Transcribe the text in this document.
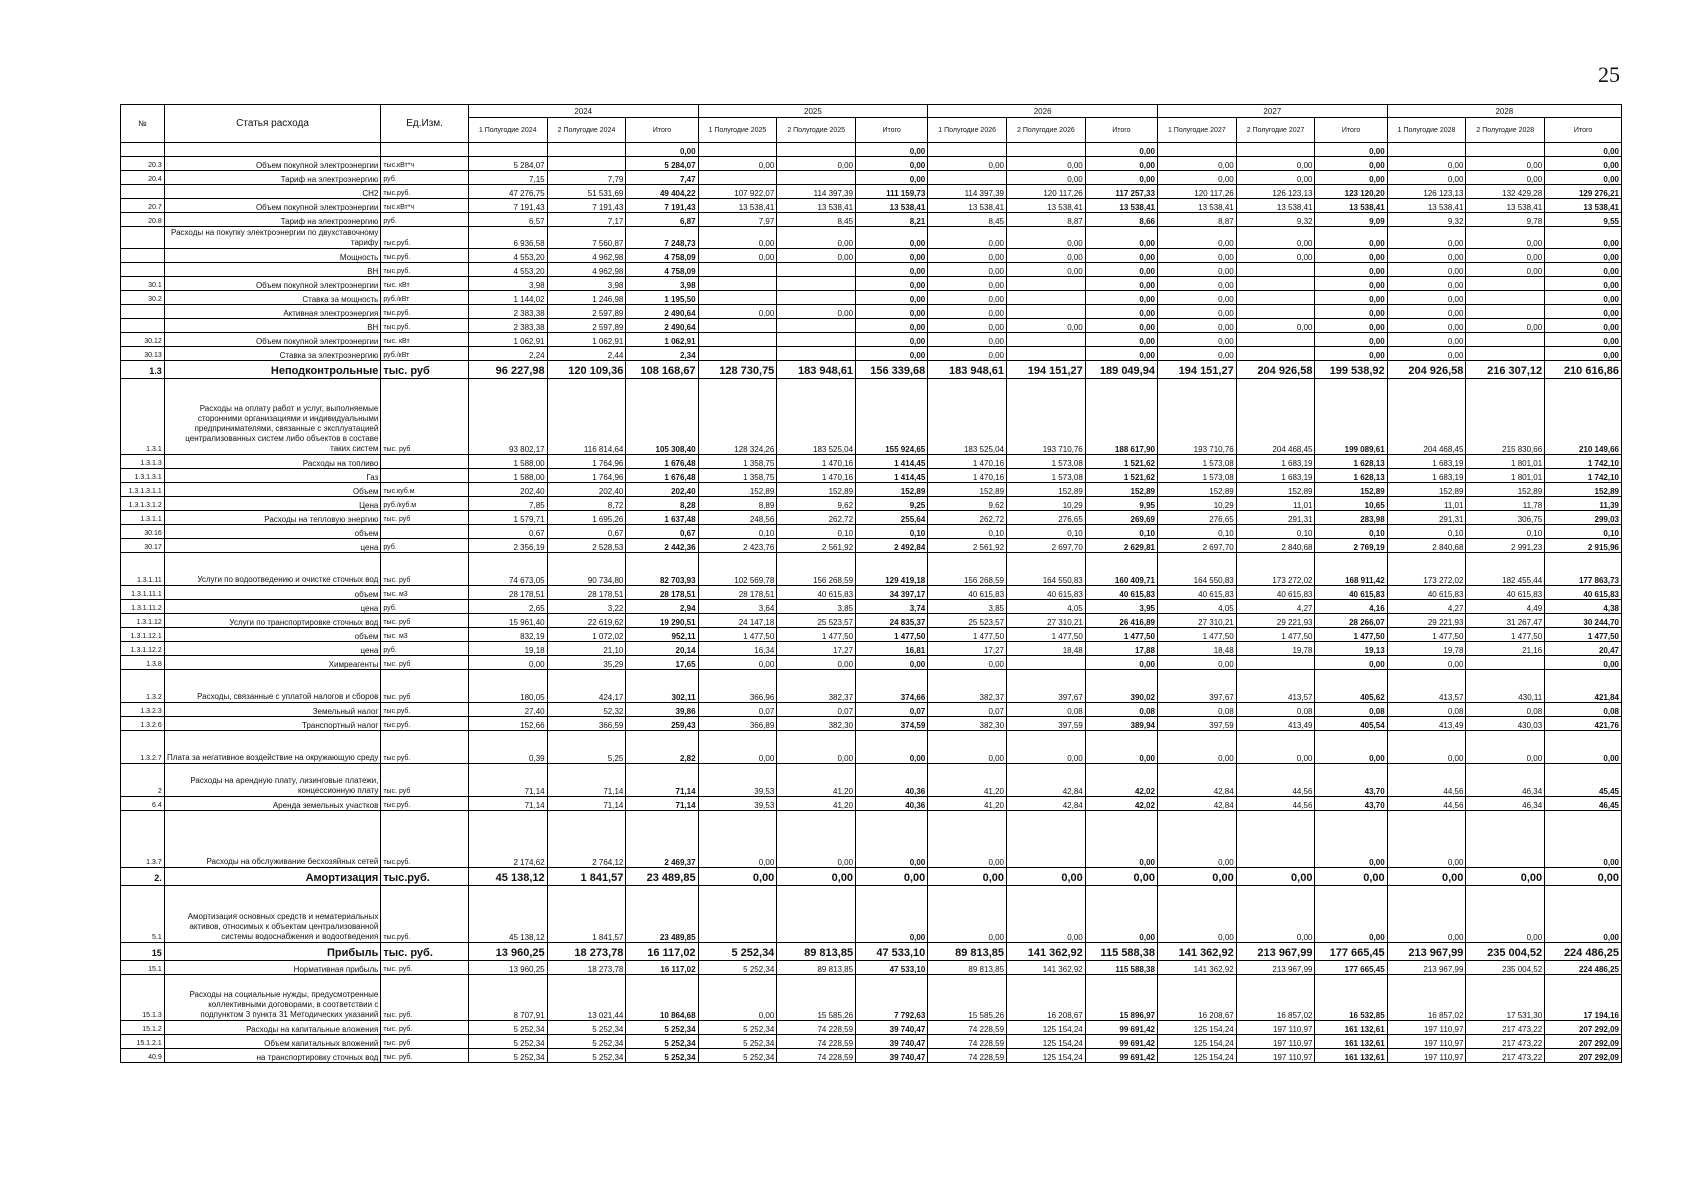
25
№	Статья расхода	Ед.Изм.	2024			2025			2026			2027			2028		
			1 Полугодие 2024	2 Полугодие 2024	Итого	1 Полугодие 2025	2 Полугодие 2025	Итого	1 Полугодие 2026	2 Полугодие 2026	Итого	1 Полугодие 2027	2 Полугодие 2027	Итого	1 Полугодие 2028	2 Полугодие 2028	Итого
					0,00			0,00			0,00			0,00			0,00
20.3	Объем покупной электроэнергии	тыс.кВт*ч	5 284,07		5 284,07	0,00	0,00	0,00	0,00	0,00	0,00	0,00	0,00	0,00	0,00	0,00	0,00
20.4	Тариф на электроэнергию	руб.	7,15	7,79	7,47			0,00		0,00	0,00	0,00	0,00	0,00	0,00	0,00	0,00
	СН2	тыс.руб.	47 276,75	51 531,69	49 404,22	107 922,07	114 397,39	111 159,73	114 397,39	120 117,26	117 257,33	120 117,26	126 123,13	123 120,20	126 123,13	132 429,28	129 276,21
20.7	Объем покупной электроэнергии	тыс.кВт*ч	7 191,43	7 191,43	7 191,43	13 538,41	13 538,41	13 538,41	13 538,41	13 538,41	13 538,41	13 538,41	13 538,41	13 538,41	13 538,41	13 538,41	13 538,41
20.8	Тариф на электроэнергию	руб.	6,57	7,17	6,87	7,97	8,45	8,21	8,45	8,87	8,66	8,87	9,32	9,09	9,32	9,78	9,55
	Расходы на покупку электроэнергии по двухставочному тарифу	тыс.руб.	6 936,58	7 560,87	7 248,73	0,00	0,00	0,00	0,00	0,00	0,00	0,00	0,00	0,00	0,00	0,00	0,00
	Мощность	тыс.руб.	4 553,20	4 962,98	4 758,09	0,00	0,00	0,00	0,00	0,00	0,00	0,00	0,00	0,00	0,00	0,00	0,00
	ВН	тыс.руб.	4 553,20	4 962,98	4 758,09			0,00	0,00	0,00	0,00	0,00		0,00	0,00	0,00	0,00
30.1	Объем покупной электроэнергии	тыс. кВт	3,98	3,98	3,98			0,00	0,00		0,00	0,00		0,00	0,00		0,00
30.2	Ставка за мощность	руб./кВт	1 144,02	1 246,98	1 195,50			0,00	0,00		0,00	0,00		0,00	0,00		0,00
	Активная электроэнергия	тыс.руб.	2 383,38	2 597,89	2 490,64	0,00	0,00	0,00	0,00		0,00	0,00		0,00	0,00		0,00
	ВН	тыс.руб.	2 383,38	2 597,89	2 490,64			0,00	0,00	0,00	0,00	0,00	0,00	0,00	0,00	0,00	0,00
30.12	Объем покупной электроэнергии	тыс. кВт	1 062,91	1 062,91	1 062,91			0,00	0,00		0,00	0,00		0,00	0,00		0,00
30.13	Ставка за электроэнергию	руб./кВт	2,24	2,44	2,34			0,00	0,00		0,00	0,00		0,00	0,00		0,00
1.3	Неподконтрольные	тыс. руб	96 227,98	120 109,36	108 168,67	128 730,75	183 948,61	156 339,68	183 948,61	194 151,27	189 049,94	194 151,27	204 926,58	199 538,92	204 926,58	216 307,12	210 616,86
1.3.1	Расходы на оплату работ и услуг, выполняемые сторонними организациями и индивидуальными предпринимателями, связанные с эксплуатацией централизованных систем либо объектов в составе таких систем	тыс. руб	93 802,17	116 814,64	105 308,40	128 324,26	183 525,04	155 924,65	183 525,04	193 710,76	188 617,90	193 710,76	204 468,45	199 089,61	204 468,45	215 830,66	210 149,66
1.3.1.3	Расходы на топливо		1 588,00	1 764,96	1 676,48	1 358,75	1 470,16	1 414,45	1 470,16	1 573,08	1 521,62	1 573,08	1 683,19	1 628,13	1 683,19	1 801,01	1 742,10
1.3.1.3.1	Газ		1 588,00	1 764,96	1 676,48	1 358,75	1 470,16	1 414,45	1 470,16	1 573,08	1 521,62	1 573,08	1 683,19	1 628,13	1 683,19	1 801,01	1 742,10
1.3.1.3.1.1	Объем	тыс.куб.м	202,40	202,40	202,40	152,89	152,89	152,89	152,89	152,89	152,89	152,89	152,89	152,89	152,89	152,89	152,89
1.3.1.3.1.2	Цена	руб./куб.м	7,85	8,72	8,28	8,89	9,62	9,25	9,62	10,29	9,95	10,29	11,01	10,65	11,01	11,78	11,39
1.3.1.1	Расходы на тепловую энергию	тыс. руб	1 579,71	1 695,26	1 637,48	248,56	262,72	255,64	262,72	276,65	269,69	276,65	291,31	283,98	291,31	306,75	299,03
30.16	объем		0,67	0,67	0,67	0,10	0,10	0,10	0,10	0,10	0,10	0,10	0,10	0,10	0,10	0,10	0,10
30.17	цена	руб.	2 356,19	2 528,53	2 442,36	2 423,76	2 561,92	2 492,84	2 561,92	2 697,70	2 629,81	2 697,70	2 840,68	2 769,19	2 840,68	2 991,23	2 915,96
1.3.1.11	Услуги по водоотведению и очистке сточных вод	тыс. руб	74 673,05	90 734,80	82 703,93	102 569,78	156 268,59	129 419,18	156 268,59	164 550,83	160 409,71	164 550,83	173 272,02	168 911,42	173 272,02	182 455,44	177 863,73
1.3.1.11.1	объем	тыс. м3	28 178,51	28 178,51	28 178,51	28 178,51	40 615,83	34 397,17	40 615,83	40 615,83	40 615,83	40 615,83	40 615,83	40 615,83	40 615,83	40 615,83	40 615,83
1.3.1.11.2	цена	руб.	2,65	3,22	2,94	3,64	3,85	3,74	3,85	4,05	3,95	4,05	4,27	4,16	4,27	4,49	4,38
1.3.1.12	Услуги по транспортировке сточных вод	тыс. руб	15 961,40	22 619,62	19 290,51	24 147,18	25 523,57	24 835,37	25 523,57	27 310,21	26 416,89	27 310,21	29 221,93	28 266,07	29 221,93	31 267,47	30 244,70
1.3.1.12.1	объем	тыс. м3	832,19	1 072,02	952,11	1 477,50	1 477,50	1 477,50	1 477,50	1 477,50	1 477,50	1 477,50	1 477,50	1 477,50	1 477,50	1 477,50	1 477,50
1.3.1.12.2	цена	руб.	19,18	21,10	20,14	16,34	17,27	16,81	17,27	18,48	17,88	18,48	19,78	19,13	19,78	21,16	20,47
1.3.8	Химреагенты	тыс. руб	0,00	35,29	17,65	0,00	0,00	0,00	0,00		0,00	0,00		0,00	0,00		0,00
1.3.2	Расходы, связанные с уплатой налогов и сборов	тыс. руб	180,05	424,17	302,11	366,96	382,37	374,66	382,37	397,67	390,02	397,67	413,57	405,62	413,57	430,11	421,84
1.3.2.3	Земельный налог	тыс.руб.	27,40	52,32	39,86	0,07	0,07	0,07	0,07	0,08	0,08	0,08	0,08	0,08	0,08	0,08	0,08
1.3.2.6	Транспортный налог	тыс.руб.	152,66	366,59	259,43	366,89	382,30	374,59	382,30	397,59	389,94	397,59	413,49	405,54	413,49	430,03	421,76
1.3.2.7	Плата за негативное воздействие на окружающую среду	тыс руб.	0,39	5,25	2,82	0,00	0,00	0,00	0,00	0,00	0,00	0,00	0,00	0,00	0,00	0,00	0,00
2	Расходы на арендную плату, лизинговые платежи, концессионную плату	тыс. руб	71,14	71,14	71,14	39,53	41,20	40,36	41,20	42,84	42,02	42,84	44,56	43,70	44,56	46,34	45,45
6.4	Аренда земельных участков	тыс.руб.	71,14	71,14	71,14	39,53	41,20	40,36	41,20	42,84	42,02	42,84	44,56	43,70	44,56	46,34	46,45
1.3.7	Расходы на обслуживание бесхозяйных сетей	тыс.руб.	2 174,62	2 764,12	2 469,37	0,00	0,00	0,00	0,00		0,00	0,00		0,00	0,00		0,00
2.	Амортизация	тыс.руб.	45 138,12	1 841,57	23 489,85	0,00	0,00	0,00	0,00	0,00	0,00	0,00	0,00	0,00	0,00	0,00	0,00
5.1	Амортизация основных средств и нематериальных активов, относимых к объектам централизованной системы водоснабжения и водоотведения	тыс.руб.	45 138,12	1 841,57	23 489,85			0,00	0,00	0,00	0,00	0,00	0,00	0,00	0,00	0,00	0,00
15	Прибыль	тыс. руб.	13 960,25	18 273,78	16 117,02	5 252,34	89 813,85	47 533,10	89 813,85	141 362,92	115 588,38	141 362,92	213 967,99	177 665,45	213 967,99	235 004,52	224 486,25
15.1	Нормативная прибыль	тыс. руб.	13 960,25	18 273,78	16 117,02	5 252,34	89 813,85	47 533,10	89 813,85	141 362,92	115 588,38	141 362,92	213 967,99	177 665,45	213 967,99	235 004,52	224 486,25
15.1.3	Расходы на социальные нужды, предусмотренные коллективными договорами, в соответствии с подпунктом 3 пункта 31 Методических указаний	тыс. руб.	8 707,91	13 021,44	10 864,68	0,00	15 585,26	7 792,63	15 585,26	16 208,67	15 896,97	16 208,67	16 857,02	16 532,85	16 857,02	17 531,30	17 194,16
15.1.2	Расходы на капитальные вложения	тыс. руб.	5 252,34	5 252,34	5 252,34	5 252,34	74 228,59	39 740,47	74 228,59	125 154,24	99 691,42	125 154,24	197 110,97	161 132,61	197 110,97	217 473,22	207 292,09
15.1.2.1	Объем капитальных вложений	тыс. руб	5 252,34	5 252,34	5 252,34	5 252,34	74 228,59	39 740,47	74 228,59	125 154,24	99 691,42	125 154,24	197 110,97	161 132,61	197 110,97	217 473,22	207 292,09
40.9	на транспортировку сточных вод	тыс. руб.	5 252,34	5 252,34	5 252,34	5 252,34	74 228,59	39 740,47	74 228,59	125 154,24	99 691,42	125 154,24	197 110,97	161 132,61	197 110,97	217 473,22	207 292,09
